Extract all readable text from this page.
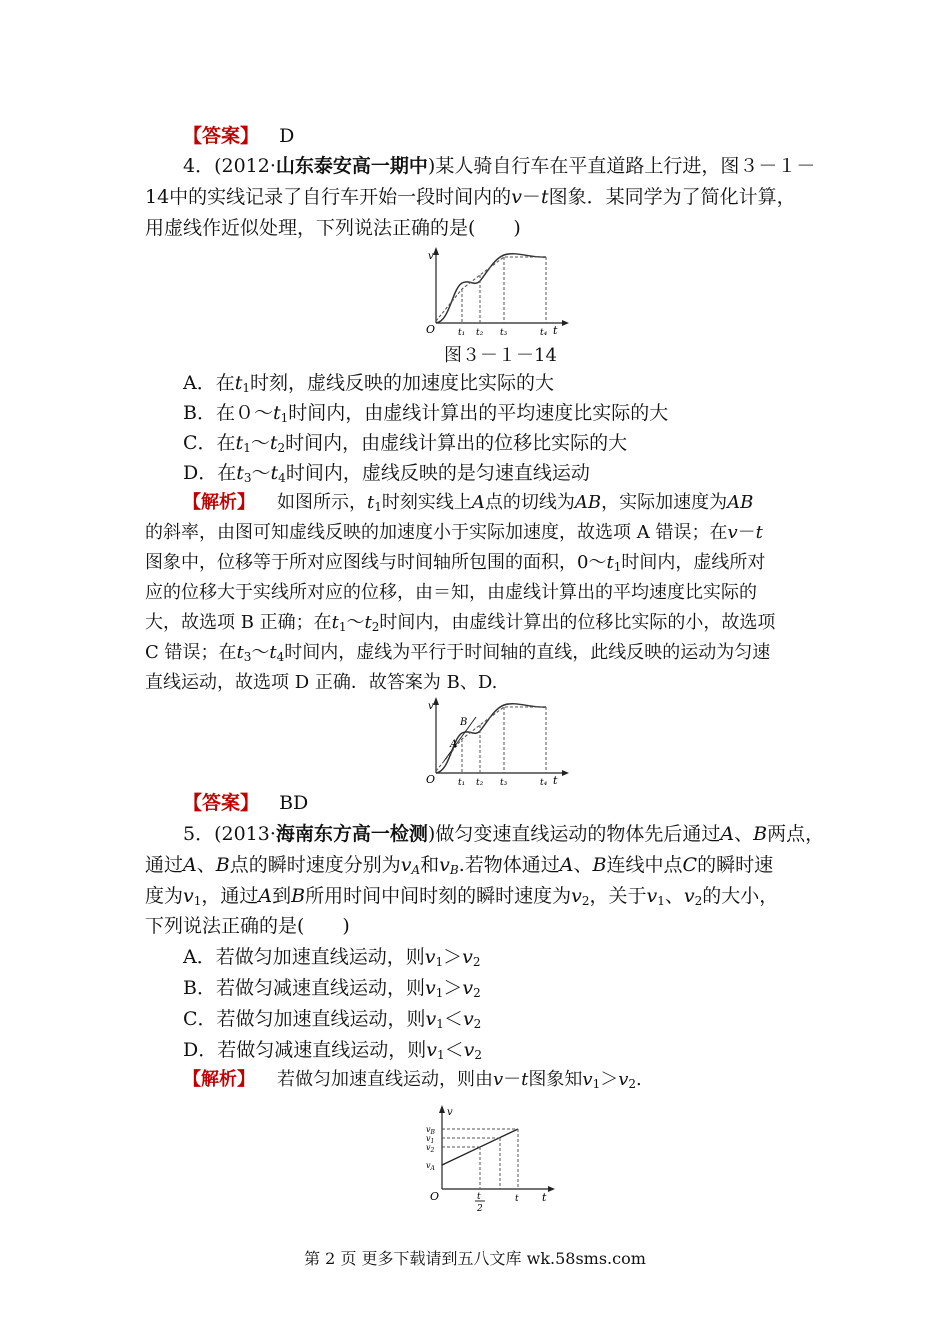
【答案】 D
4．(2012·山东泰安高一期中)某人骑自行车在平直道路上行进，图３－１－
14中的实线记录了自行车开始一段时间内的v－t图象．某同学为了简化计算，
用虚线作近似处理，下列说法正确的是(　　)
v
O	t₁ t₂ t₃	t₄ t
图３－１－14
A．在$t_1$时刻，虚线反映的加速度比实际的大
B．在$0\sim t_1$时间内，由虚线计算出的平均速度比实际的大
C．在$t_1\sim t_2$时间内，由虚线计算出的位移比实际的大
D．在$t_3\sim t_4$时间内，虚线反映的是匀速直线运动
【解析】 如图所示，$t_1$时刻实线上A点的切线为AB，实际加速度为AB
的斜率，由图可知虚线反映的加速度小于实际加速度，故选项 A 错误；在v－t
图象中，位移等于所对应图线与时间轴所包围的面积，$0\sim t_1$时间内，虚线所对
应的位移大于实线所对应的位移，由＝知，由虚线计算出的平均速度比实际的
大，故选项 B 正确；在$t_1\sim t_2$时间内，由虚线计算出的位移比实际的小，故选项
C 错误；在$t_3\sim t_4$时间内，虚线为平行于时间轴的直线，此线反映的运动为匀速
直线运动，故选项 D 正确．故答案为 B、D.
v
O
A
B
t₁ t₂ t₃	t₄ t
【答案】 BD
5．(2013·海南东方高一检测)做匀变速直线运动的物体先后通过A、B两点，
通过A、B点的瞬时速度分别为$v_A$和$v_B$.若物体通过A、B连线中点C的瞬时速
度为$v_1$，通过A到B所用时间中间时刻的瞬时速度为$v_2$，关于$v_1$、$v_2$的大小，
下列说法正确的是(　　)
A．若做匀加速直线运动，则$v_1>v_2$
B．若做匀减速直线运动，则$v_1>v_2$
C．若做匀加速直线运动，则$v_1<v_2$
D．若做匀减速直线运动，则$v_1<v_2$
【解析】 若做匀加速直线运动，则由v－t图象知$v_1>v_2$.
v
$v_B$
$v_1$
$v_2$
$v_A$
O	t
2
t t
第 2 页 更多下载请到五八文库 wk.58sms.com
